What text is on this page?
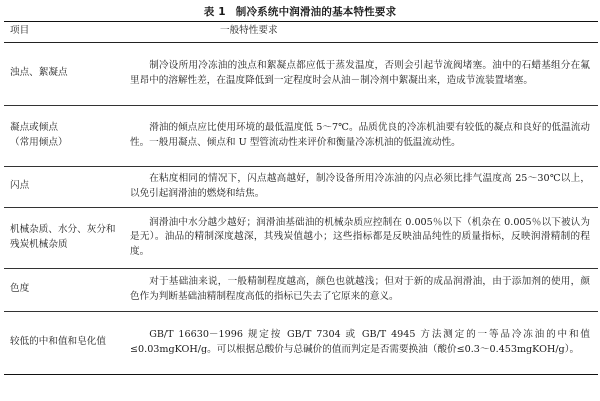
表 1 制冷系统中润滑油的基本特性要求
项目	一般特性要求
浊点、絮凝点	制冷设所用冷冻油的浊点和絮凝点都应低于蒸发温度，否则会引起节流阀堵塞。油中的石蜡基组分在氟里昂中的溶解性差，在温度降低到一定程度时会从油－制冷剂中絮凝出来，造成节流装置堵塞。

凝点或倾点
（常用倾点）	滑油的倾点应比使用环境的最低温度低 5～7℃。品质优良的冷冻机油要有较低的凝点和良好的低温流动性。一般用凝点、倾点和 U 型管流动性来评价和衡量冷冻机油的低温流动性。
闪点	在粘度相同的情况下，闪点越高越好，制冷设备所用冷冻油的闪点必须比排气温度高 25～30℃以上，以免引起润滑油的燃烧和结焦。
机械杂质、水分、灰分和残炭机械杂质	润滑油中水分越少越好；润滑油基础油的机械杂质应控制在 0.005％以下（机杂在 0.005％以下被认为是无）。油品的精制深度越深，其残炭值越小；这些指标都是反映油品纯性的质量指标，反映润滑精制的程度。
色度	对于基础油来说，一般精制程度越高，颜色也就越浅；但对于新的成品润滑油，由于添加剂的使用，颜色作为判断基础油精制程度高低的指标已失去了它原来的意义。
较低的中和值和皂化值	GB/T 16630－1996 规定按 GB/T 7304 或 GB/T 4945 方法测定的一等品冷冻油的中和值≤0.03mgKOH/g。可以根据总酸价与总碱价的值而判定是否需要换油（酸价≤0.3～0.453mgKOH/g）。
